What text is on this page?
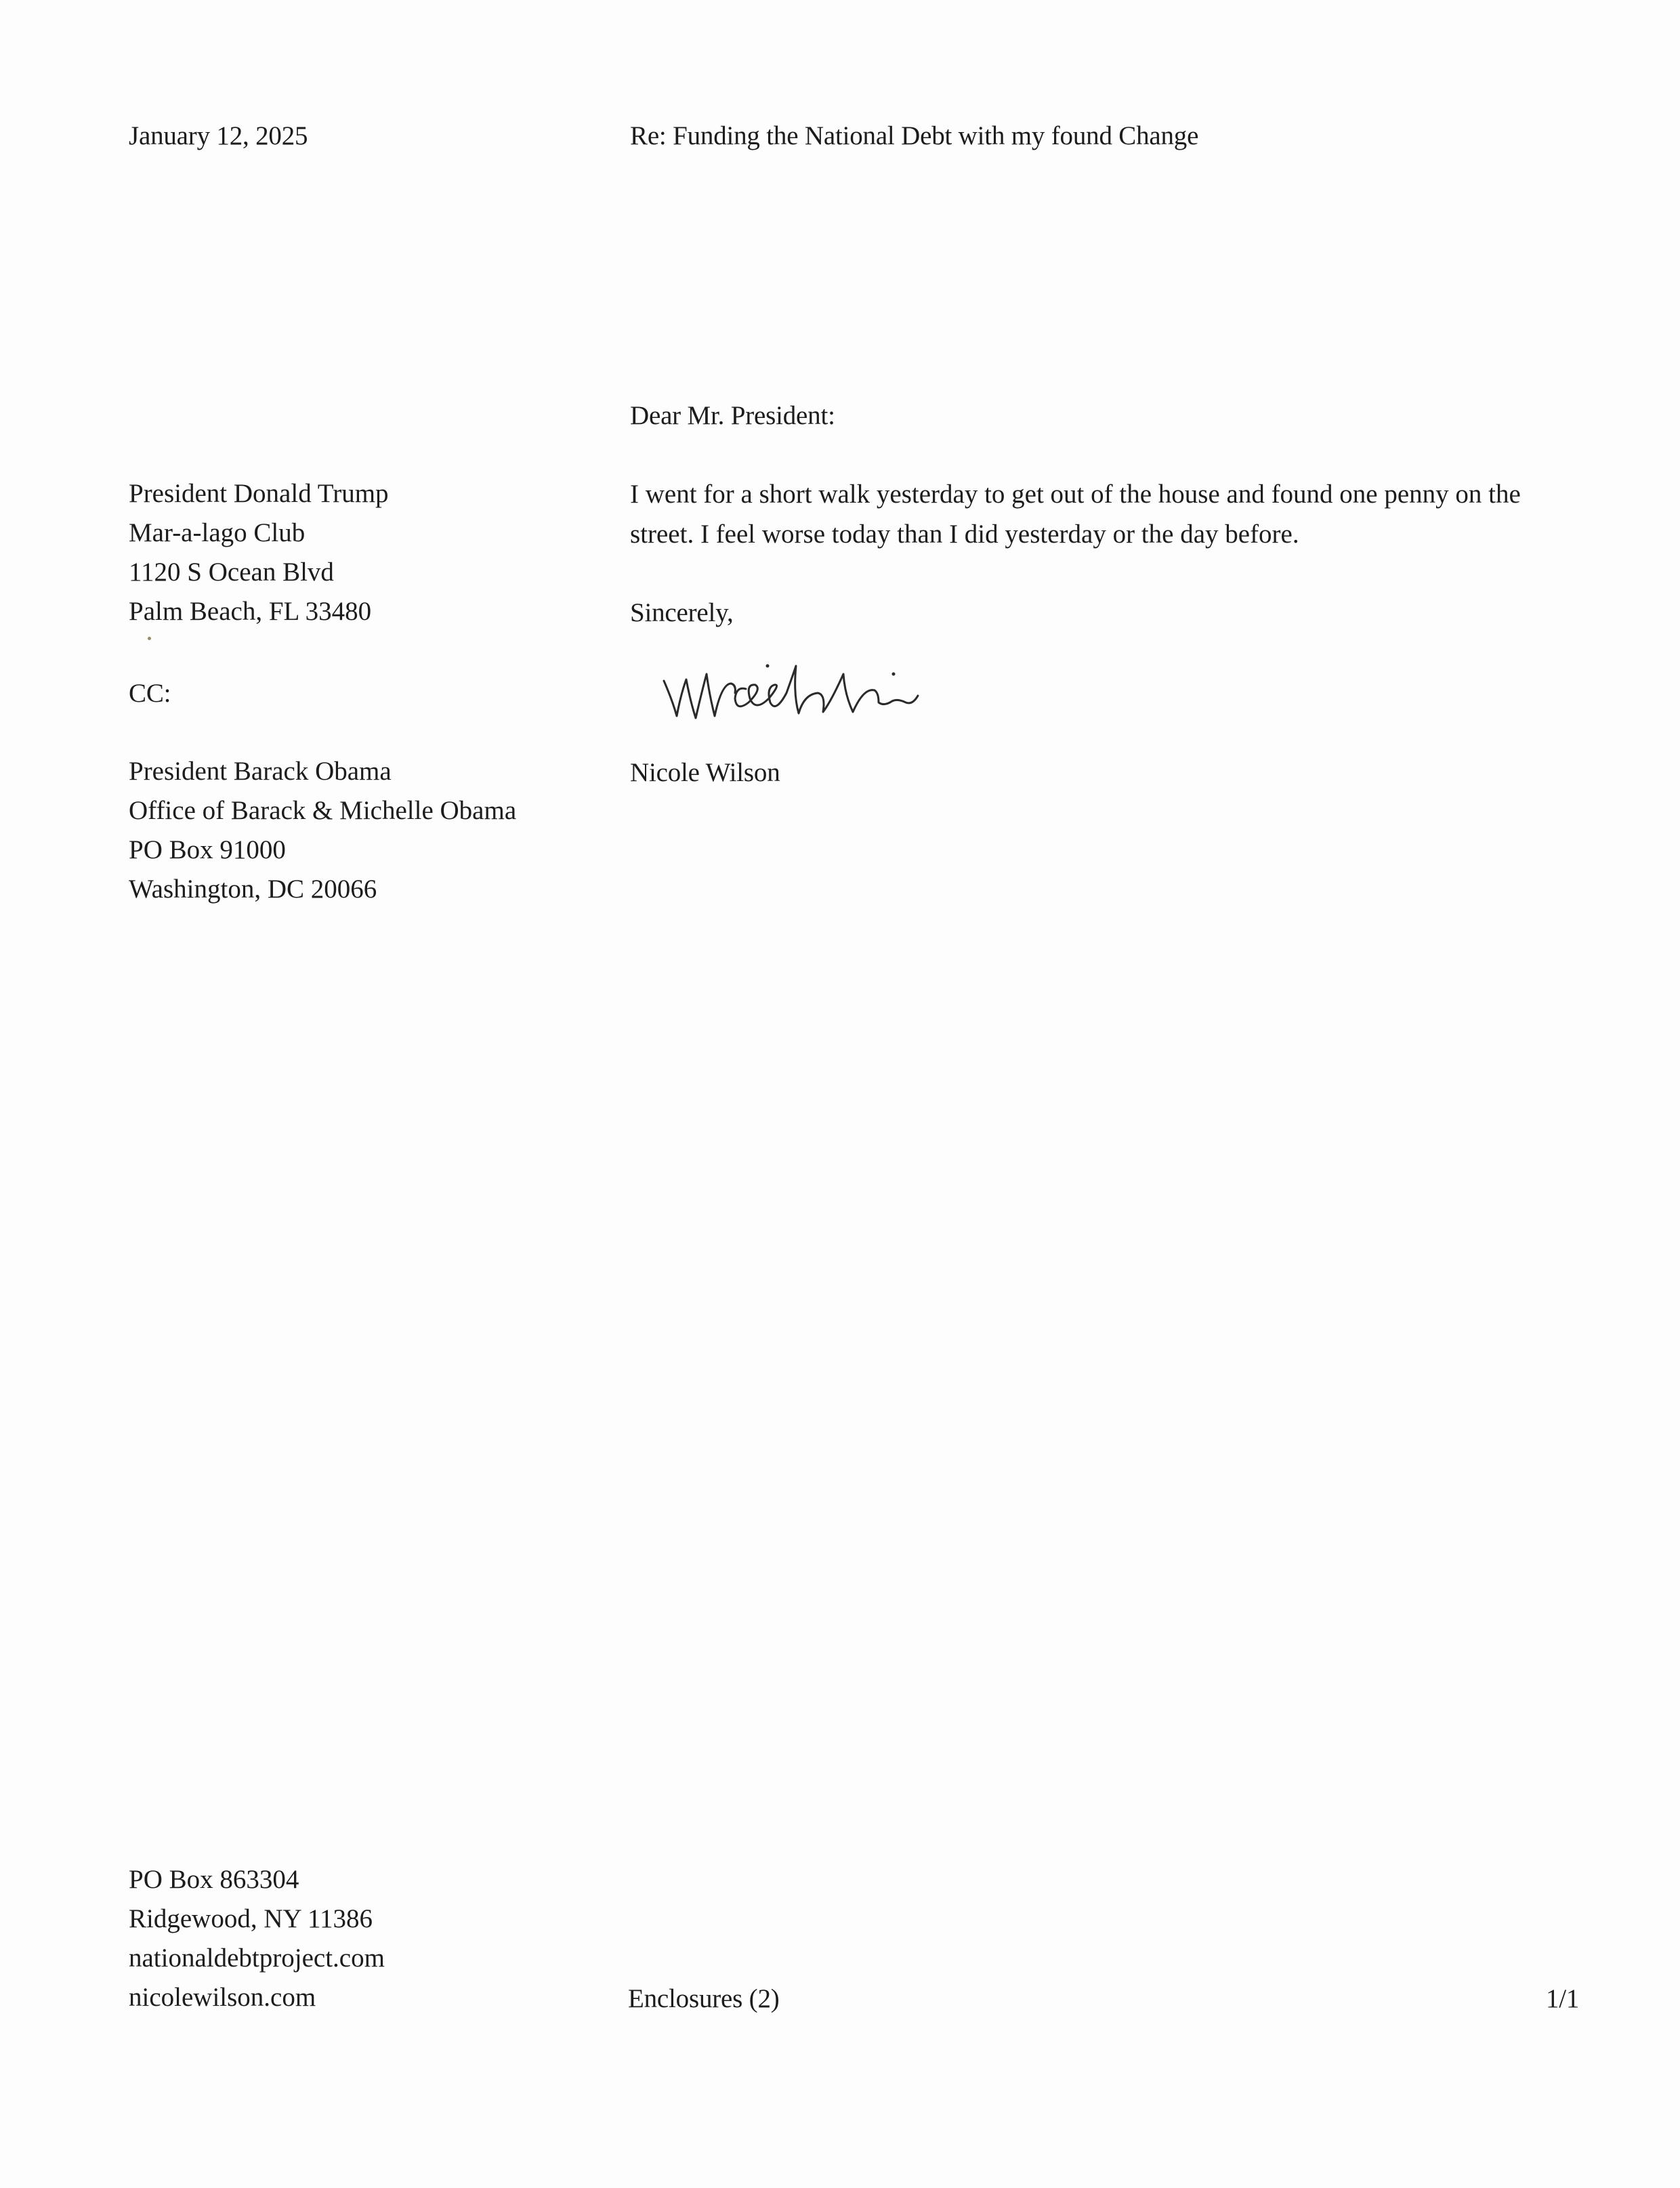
January 12, 2025	Re: Funding the National Debt with my found Change
Dear Mr. President:
President Donald Trump
Mar-a-lago Club
1120 S Ocean Blvd
Palm Beach, FL 33480
I went for a short walk yesterday to get out of the house and found one penny on the
street. I feel worse today than I did yesterday or the day before.
Sincerely,
Nicole Wilson
CC:
President Barack Obama
Office of Barack & Michelle Obama
PO Box 91000
Washington, DC 20066
PO Box 863304
Ridgewood, NY 11386
nationaldebtproject.com
nicolewilson.com	Enclosures (2)	1/1
